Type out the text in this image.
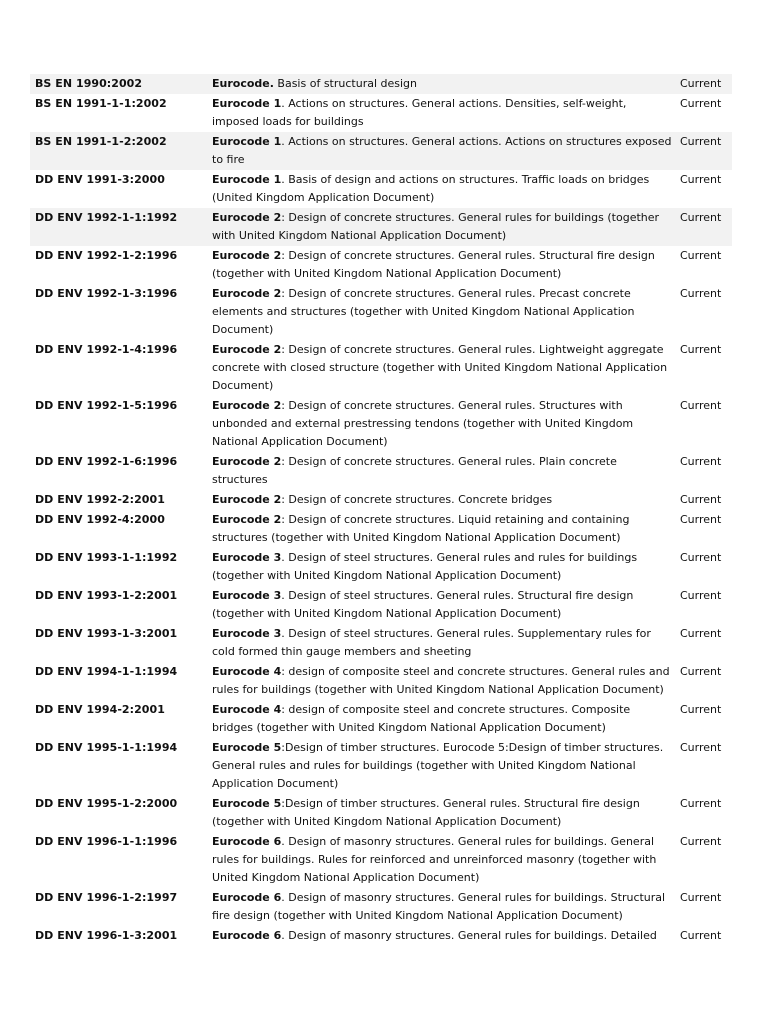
BS EN 1990:2002	Eurocode. Basis of structural design	Current
BS EN 1991-1-1:2002	Eurocode 1. Actions on structures. General actions. Densities, self-weight, imposed loads for buildings	Current
BS EN 1991-1-2:2002	Eurocode 1. Actions on structures. General actions. Actions on structures exposed to fire	Current
DD ENV 1991-3:2000	Eurocode 1. Basis of design and actions on structures. Traffic loads on bridges (United Kingdom Application Document)	Current
DD ENV 1992-1-1:1992	Eurocode 2: Design of concrete structures. General rules for buildings (together with United Kingdom National Application Document)	Current
DD ENV 1992-1-2:1996	Eurocode 2: Design of concrete structures. General rules. Structural fire design (together with United Kingdom National Application Document)	Current
DD ENV 1992-1-3:1996	Eurocode 2: Design of concrete structures. General rules. Precast concrete elements and structures (together with United Kingdom National Application Document)	Current
DD ENV 1992-1-4:1996	Eurocode 2: Design of concrete structures. General rules. Lightweight aggregate concrete with closed structure (together with United Kingdom National Application Document)	Current
DD ENV 1992-1-5:1996	Eurocode 2: Design of concrete structures. General rules. Structures with unbonded and external prestressing tendons (together with United Kingdom National Application Document)	Current
DD ENV 1992-1-6:1996	Eurocode 2: Design of concrete structures. General rules. Plain concrete structures	Current
DD ENV 1992-2:2001	Eurocode 2: Design of concrete structures. Concrete bridges	Current
DD ENV 1992-4:2000	Eurocode 2: Design of concrete structures. Liquid retaining and containing structures (together with United Kingdom National Application Document)	Current
DD ENV 1993-1-1:1992	Eurocode 3. Design of steel structures. General rules and rules for buildings (together with United Kingdom National Application Document)	Current
DD ENV 1993-1-2:2001	Eurocode 3. Design of steel structures. General rules. Structural fire design (together with United Kingdom National Application Document)	Current
DD ENV 1993-1-3:2001	Eurocode 3. Design of steel structures. General rules. Supplementary rules for cold formed thin gauge members and sheeting	Current
DD ENV 1994-1-1:1994	Eurocode 4: design of composite steel and concrete structures. General rules and rules for buildings (together with United Kingdom National Application Document)	Current
DD ENV 1994-2:2001	Eurocode 4: design of composite steel and concrete structures. Composite bridges (together with United Kingdom National Application Document)	Current
DD ENV 1995-1-1:1994	Eurocode 5:Design of timber structures. Eurocode 5:Design of timber structures. General rules and rules for buildings (together with United Kingdom National Application Document)	Current
DD ENV 1995-1-2:2000	Eurocode 5:Design of timber structures. General rules. Structural fire design (together with United Kingdom National Application Document)	Current
DD ENV 1996-1-1:1996	Eurocode 6. Design of masonry structures. General rules for buildings. General rules for buildings. Rules for reinforced and unreinforced masonry (together with United Kingdom National Application Document)	Current
DD ENV 1996-1-2:1997	Eurocode 6. Design of masonry structures. General rules for buildings. Structural fire design (together with United Kingdom National Application Document)	Current
DD ENV 1996-1-3:2001	Eurocode 6. Design of masonry structures. General rules for buildings. Detailed	Current
